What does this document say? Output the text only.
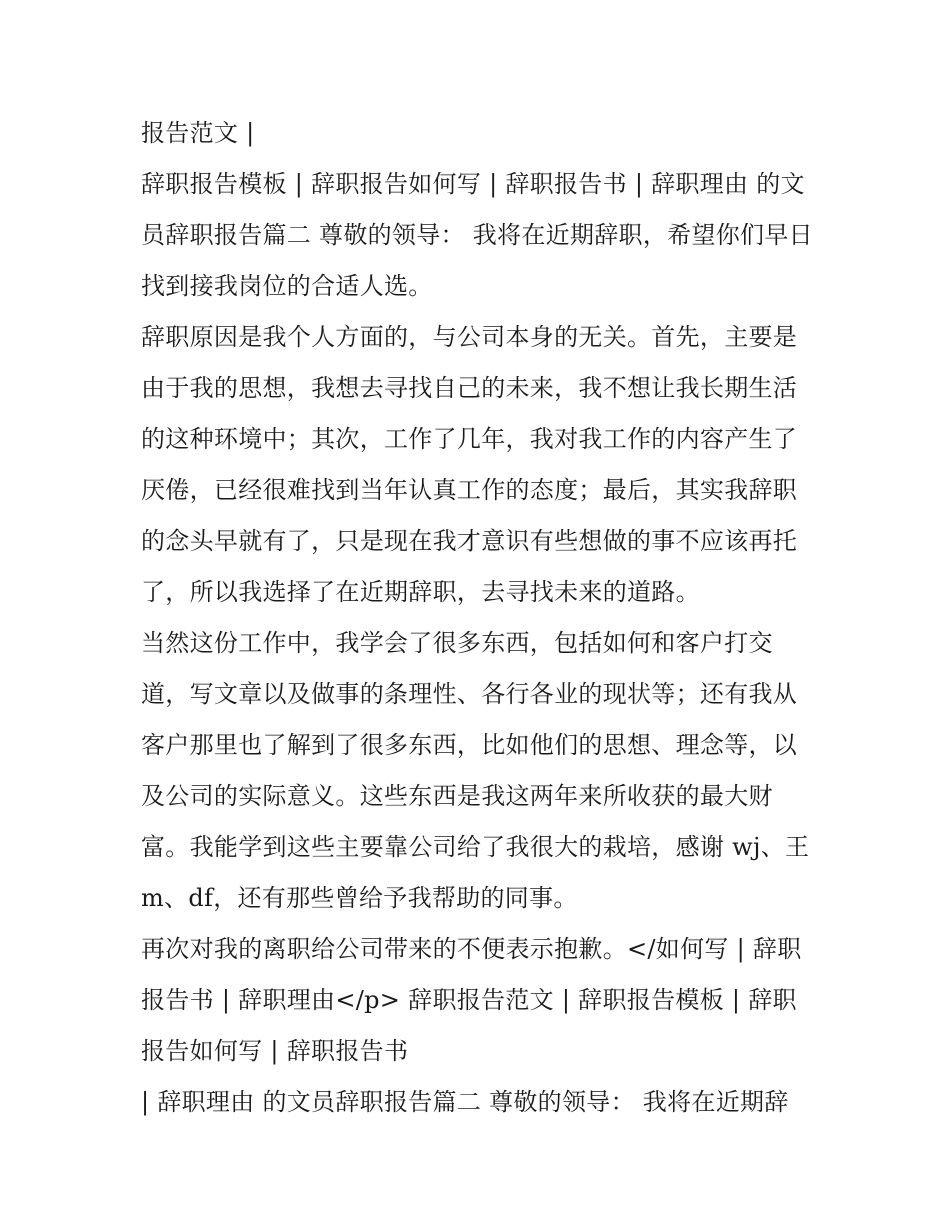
报告范文 |

辞职报告模板 | 辞职报告如何写 | 辞职报告书 | 辞职理由 的文员辞职报告篇二 尊敬的领导： 我将在近期辞职，希望你们早日找到接我岗位的合适人选。

辞职原因是我个人方面的，与公司本身的无关。首先，主要是由于我的思想，我想去寻找自己的未来，我不想让我长期生活的这种环境中；其次，工作了几年，我对我工作的内容产生了厌倦，已经很难找到当年认真工作的态度；最后，其实我辞职的念头早就有了，只是现在我才意识有些想做的事不应该再托了，所以我选择了在近期辞职，去寻找未来的道路。

当然这份工作中，我学会了很多东西，包括如何和客户打交道，写文章以及做事的条理性、各行各业的现状等；还有我从客户那里也了解到了很多东西，比如他们的思想、理念等，以及公司的实际意义。这些东西是我这两年来所收获的最大财富。我能学到这些主要靠公司给了我很大的栽培，感谢 wj、王 m、df，还有那些曾给予我帮助的同事。

再次对我的离职给公司带来的不便表示抱歉。</如何写 | 辞职报告书 | 辞职理由</p> 辞职报告范文 | 辞职报告模板 | 辞职报告如何写 | 辞职报告书

| 辞职理由 的文员辞职报告篇二 尊敬的领导： 我将在近期辞
